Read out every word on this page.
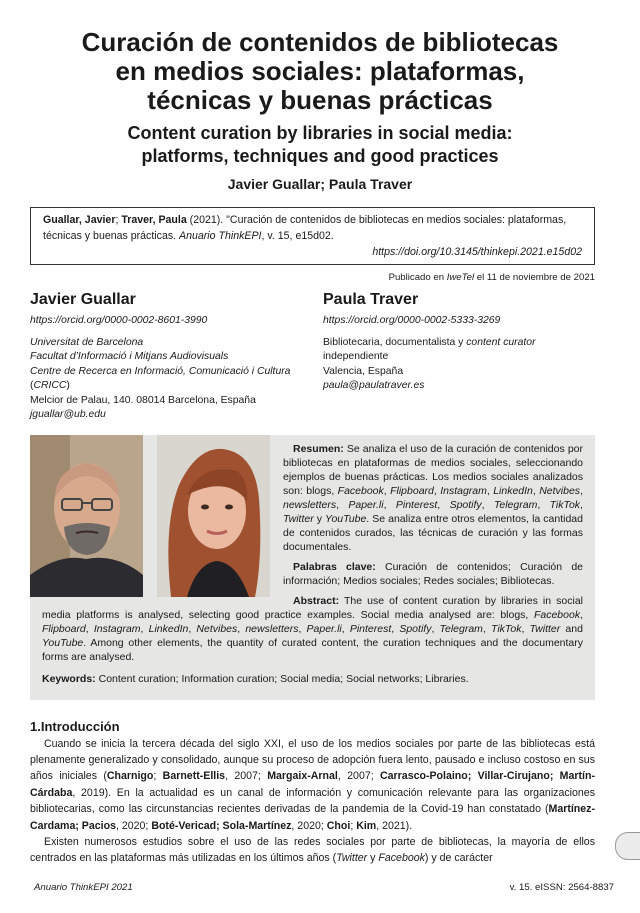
Curación de contenidos de bibliotecas
en medios sociales: plataformas,
técnicas y buenas prácticas
Content curation by libraries in social media:
platforms, techniques and good practices
Javier Guallar; Paula Traver
Guallar, Javier; Traver, Paula (2021). "Curación de contenidos de bibliotecas en medios sociales: plataformas, técnicas y buenas prácticas. Anuario ThinkEPI, v. 15, e15d02.
https://doi.org/10.3145/thinkepi.2021.e15d02
Publicado en IweTel el 11 de noviembre de 2021
Javier Guallar
https://orcid.org/0000-0002-8601-3990
Universitat de Barcelona
Facultat d’Informació i Mitjans Audiovisuals
Centre de Recerca en Informació, Comunicació i Cultura (CRICC)
Melcior de Palau, 140. 08014 Barcelona, España
jguallar@ub.edu
Paula Traver
https://orcid.org/0000-0002-5333-3269
Bibliotecaria, documentalista y content curator independiente
Valencia, España
paula@paulatraver.es

Resumen: Se analiza el uso de la curación de contenidos por bibliotecas en plataformas de medios sociales, seleccionando ejemplos de buenas prácticas. Los medios sociales analizados son: blogs, Facebook, Flipboard, Instagram, LinkedIn, Netvibes, newsletters, Paper.li, Pinterest, Spotify, Telegram, TikTok, Twitter y YouTube. Se analiza entre otros elementos, la cantidad de contenidos curados, las técnicas de curación y las formas documentales.

Palabras clave: Curación de contenidos; Curación de información; Medios sociales; Redes sociales; Bibliotecas.

Abstract: The use of content curation by libraries in social media platforms is analysed, selecting good practice examples. Social media analysed are: blogs, Facebook, Flipboard, Instagram, LinkedIn, Netvibes, newsletters, Paper.li, Pinterest, Spotify, Telegram, TikTok, Twitter and YouTube. Among other elements, the quantity of curated content, the curation techniques and the documentary forms are analysed.

Keywords: Content curation; Information curation; Social media; Social networks; Libraries.

1.Introducción

Cuando se inicia la tercera década del siglo XXI, el uso de los medios sociales por parte de las bibliotecas está plenamente generalizado y consolidado, aunque su proceso de adopción fuera lento, pausado e incluso costoso en sus años iniciales (Charnigo; Barnett-Ellis, 2007; Margaix-Arnal, 2007; Carrasco-Polaino; Villar-Cirujano; Martín-Cárdaba, 2019). En la actualidad es un canal de información y comunicación relevante para las organizaciones bibliotecarias, como las circunstancias recientes derivadas de la pandemia de la Covid-19 han constatado (Martínez-Cardama; Pacios, 2020; Boté-Vericad; Sola-Martínez, 2020; Choi; Kim, 2021).

Existen numerosos estudios sobre el uso de las redes sociales por parte de bibliotecas, la mayoría de ellos centrados en las plataformas más utilizadas en los últimos años (Twitter y Facebook) y de carácter

Anuario ThinkEPI 2021	v. 15. eISSN: 2564-8837
